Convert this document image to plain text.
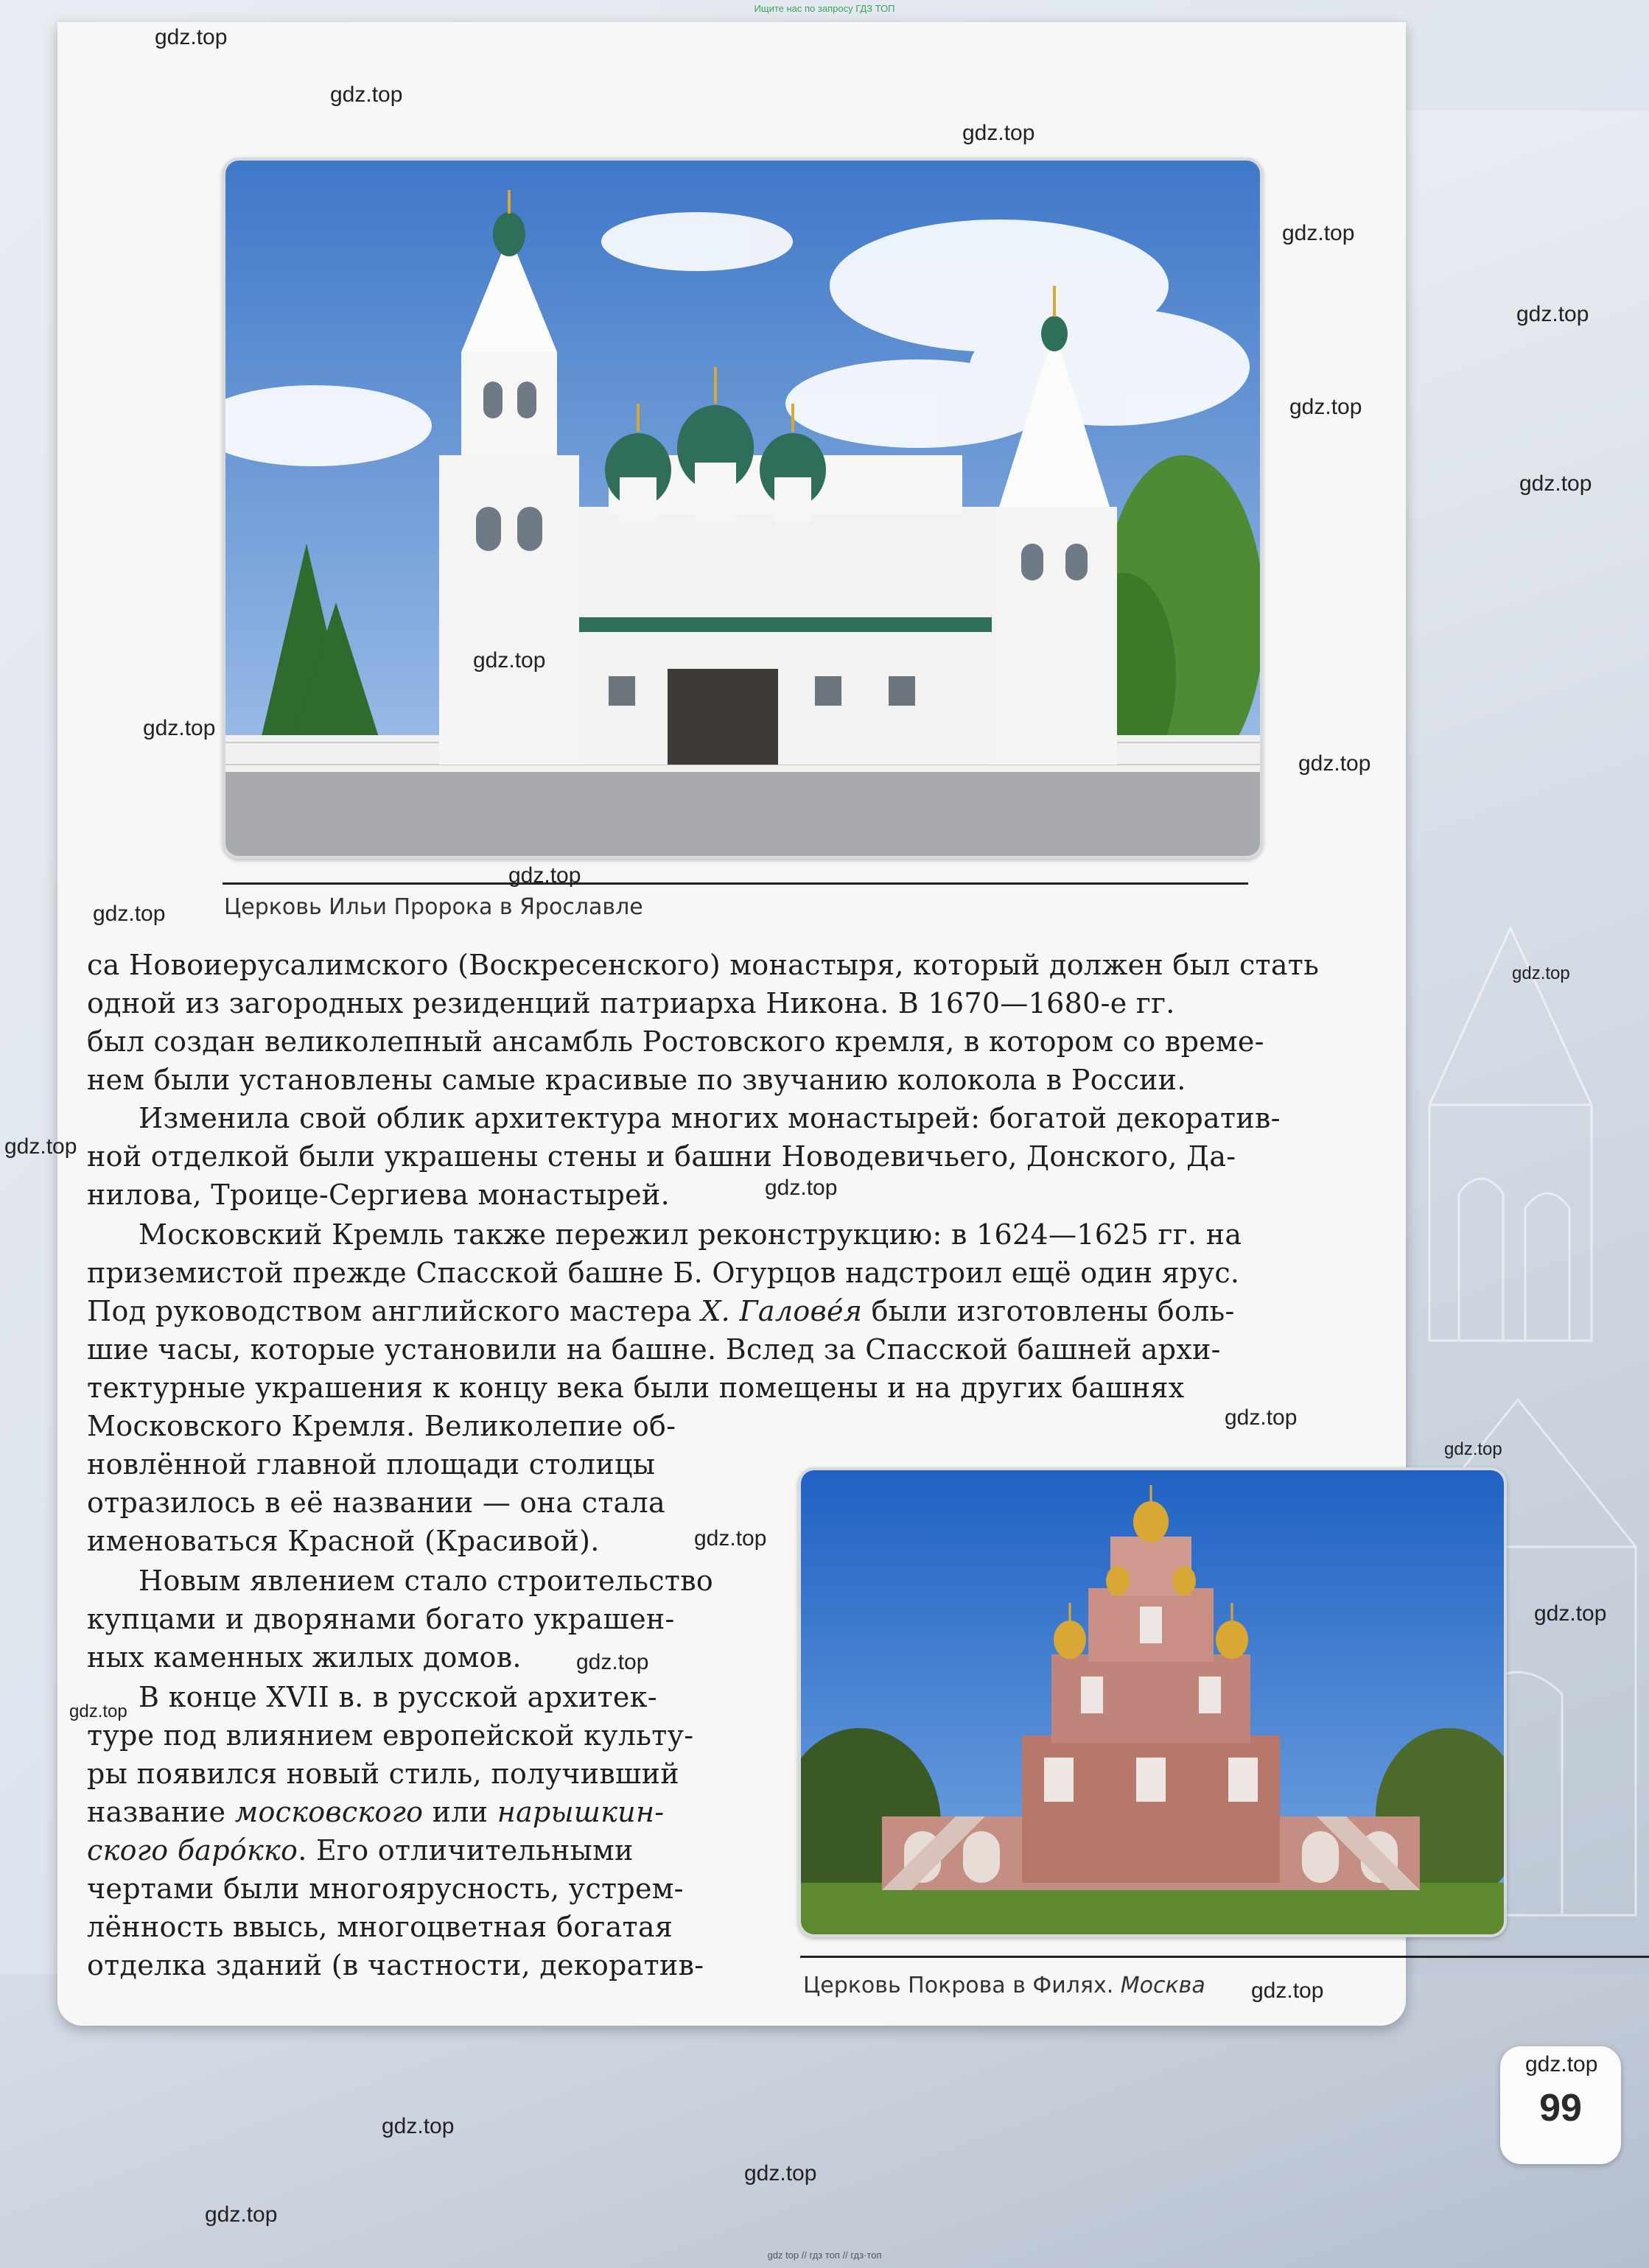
Ищите нас по запросу ГДЗ ТОП
Церковь Ильи Пророка в Ярославле
са Новоиерусалимского (Воскресенского) монастыря, который должен был стать
одной из загородных резиденций патриарха Никона. В 1670—1680-е гг.
был создан великолепный ансамбль Ростовского кремля, в котором со време-
нем были установлены самые красивые по звучанию колокола в России.
Изменила свой облик архитектура многих монастырей: богатой декоратив-
ной отделкой были украшены стены и башни Новодевичьего, Донского, Да-
нилова, Троице-Сергиева монастырей.
Московский Кремль также пережил реконструкцию: в 1624—1625 гг. на
приземистой прежде Спасской башне Б. Огурцов надстроил ещё один ярус.
Под руководством английского мастера Х. Галовéя были изготовлены боль-
шие часы, которые установили на башне. Вслед за Спасской башней архи-
тектурные украшения к концу века были помещены и на других башнях
Московского Кремля. Великолепие об-
новлённой главной площади столицы
отразилось в её названии — она стала
именоваться Красной (Красивой).
Новым явлением стало строительство
купцами и дворянами богато украшен-
ных каменных жилых домов.
В конце XVII в. в русской архитек-
туре под влиянием европейской культу-
ры появился новый стиль, получивший
название московского или нарышкин-
ского барóкко. Его отличительными
чертами были многоярусность, устрем-
лённость ввысь, многоцветная богатая
отделка зданий (в частности, декоратив-
Церковь Покрова в Филях. Москва
gdz.top
gdz.top
gdz.top
gdz.top
gdz.top
gdz.top
gdz.top
gdz.top
gdz.top
gdz.top
gdz.top
gdz.top
gdz.top
gdz.top
gdz.top
gdz.top
gdz.top
gdz.top
gdz.top
gdz.top
gdz.top
gdz.top
gdz.top
gdz.top
gdz.top
gdz.top
99
gdz top // гдз топ // гдз·топ
